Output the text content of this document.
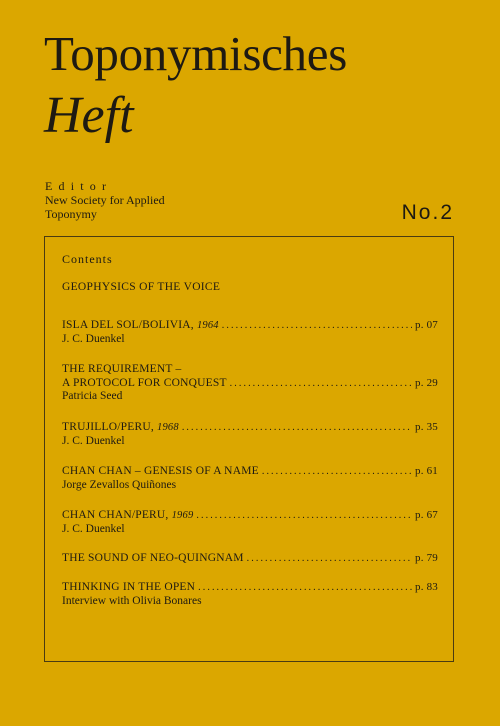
Toponymisches
Heft
Editor
New Society for Applied
Toponymy	No.2
Contents
GEOPHYSICS OF THE VOICE
ISLA DEL SOL/BOLIVIA,
1964 .....	p. 07
J. C. Duenkel
THE REQUIREMENT –
A PROTOCOL FOR CONQUEST .....	p. 29
Patricia Seed
TRUJILLO/PERU,
1968 .....	p. 35
J. C. Duenkel
CHAN CHAN – GENESIS OF A NAME .....	p. 61
Jorge Zevallos Quiñones
CHAN CHAN/PERU,
1969 .....	p. 67
J. C. Duenkel
THE SOUND OF NEO-QUINGNAM .....	p. 79
THINKING IN THE OPEN .....	p. 83
Interview with Olivia Bonares
